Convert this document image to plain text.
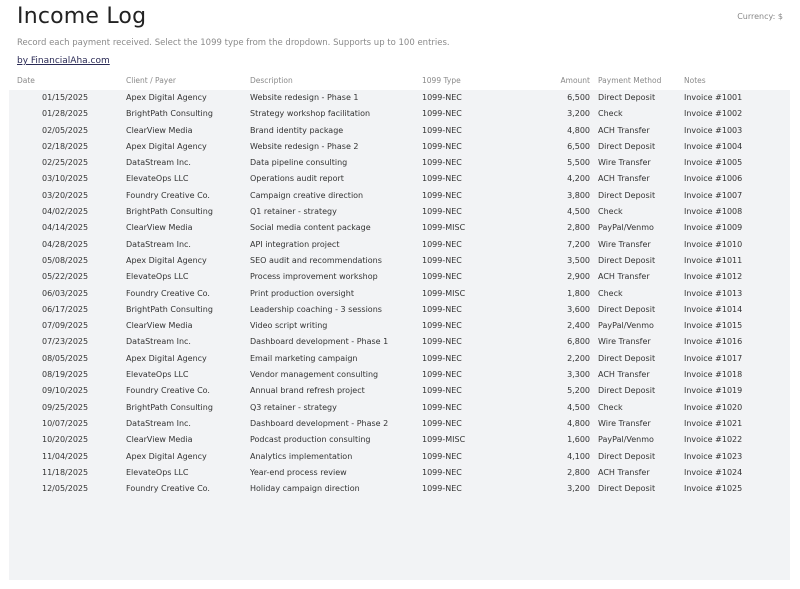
Income Log	Currency: $
Record each payment received. Select the 1099 type from the dropdown. Supports up to 100 entries.
by FinancialAha.com
Date	Client / Payer	Description	1099 Type	Amount Payment Method	Notes
01/15/2025	Apex Digital Agency	Website redesign - Phase 1	1099-NEC	6,500 Direct Deposit	Invoice #1001
01/28/2025	BrightPath Consulting	Strategy workshop facilitation	1099-NEC	3,200 Check	Invoice #1002
02/05/2025	ClearView Media	Brand identity package	1099-NEC	4,800 ACH Transfer	Invoice #1003
02/18/2025	Apex Digital Agency	Website redesign - Phase 2	1099-NEC	6,500 Direct Deposit	Invoice #1004
02/25/2025	DataStream Inc.	Data pipeline consulting	1099-NEC	5,500 Wire Transfer	Invoice #1005
03/10/2025	ElevateOps LLC	Operations audit report	1099-NEC	4,200 ACH Transfer	Invoice #1006
03/20/2025	Foundry Creative Co.	Campaign creative direction	1099-NEC	3,800 Direct Deposit	Invoice #1007
04/02/2025	BrightPath Consulting	Q1 retainer - strategy	1099-NEC	4,500 Check	Invoice #1008
04/14/2025	ClearView Media	Social media content package	1099-MISC	2,800 PayPal/Venmo	Invoice #1009
04/28/2025	DataStream Inc.	API integration project	1099-NEC	7,200 Wire Transfer	Invoice #1010
05/08/2025	Apex Digital Agency	SEO audit and recommendations	1099-NEC	3,500 Direct Deposit	Invoice #1011
05/22/2025	ElevateOps LLC	Process improvement workshop	1099-NEC	2,900 ACH Transfer	Invoice #1012
06/03/2025	Foundry Creative Co.	Print production oversight	1099-MISC	1,800 Check	Invoice #1013
06/17/2025	BrightPath Consulting	Leadership coaching - 3 sessions	1099-NEC	3,600 Direct Deposit	Invoice #1014
07/09/2025	ClearView Media	Video script writing	1099-NEC	2,400 PayPal/Venmo	Invoice #1015
07/23/2025	DataStream Inc.	Dashboard development - Phase 1	1099-NEC	6,800 Wire Transfer	Invoice #1016
08/05/2025	Apex Digital Agency	Email marketing campaign	1099-NEC	2,200 Direct Deposit	Invoice #1017
08/19/2025	ElevateOps LLC	Vendor management consulting	1099-NEC	3,300 ACH Transfer	Invoice #1018
09/10/2025	Foundry Creative Co.	Annual brand refresh project	1099-NEC	5,200 Direct Deposit	Invoice #1019
09/25/2025	BrightPath Consulting	Q3 retainer - strategy	1099-NEC	4,500 Check	Invoice #1020
10/07/2025	DataStream Inc.	Dashboard development - Phase 2	1099-NEC	4,800 Wire Transfer	Invoice #1021
10/20/2025	ClearView Media	Podcast production consulting	1099-MISC	1,600 PayPal/Venmo	Invoice #1022
11/04/2025	Apex Digital Agency	Analytics implementation	1099-NEC	4,100 Direct Deposit	Invoice #1023
11/18/2025	ElevateOps LLC	Year-end process review	1099-NEC	2,800 ACH Transfer	Invoice #1024
12/05/2025	Foundry Creative Co.	Holiday campaign direction	1099-NEC	3,200 Direct Deposit	Invoice #1025
